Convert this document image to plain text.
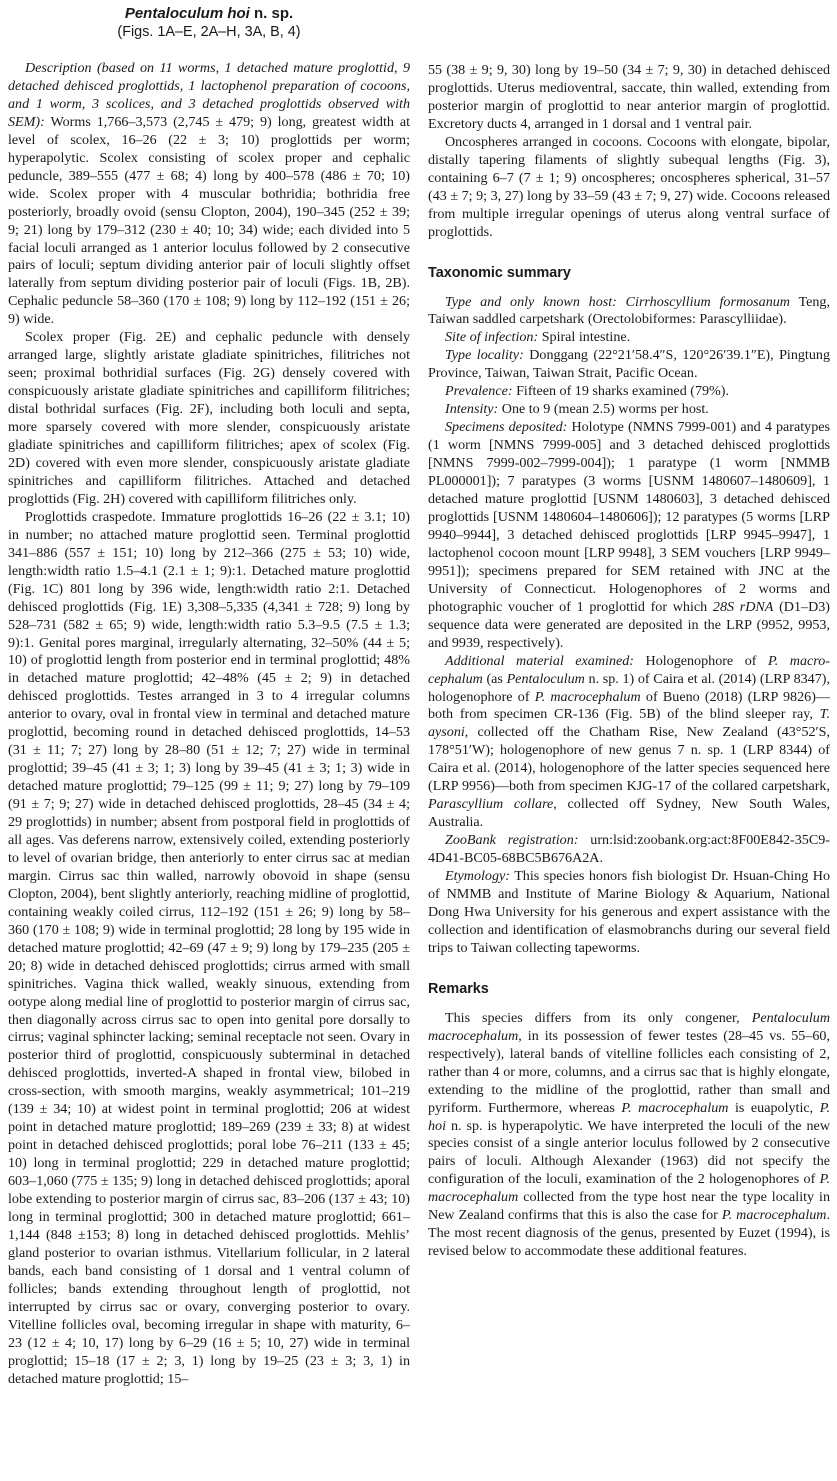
Pentaloculum hoi n. sp.
(Figs. 1A–E, 2A–H, 3A, B, 4)

Description (based on 11 worms, 1 detached mature proglottid, 9 detached dehisced proglottids, 1 lactophenol preparation of cocoons, and 1 worm, 3 scolices, and 3 detached proglottids observed with SEM): Worms 1,766–3,573 (2,745 ± 479; 9) long, greatest width at level of scolex, 16–26 (22 ± 3; 10) proglottids per worm; hyperapolytic. Scolex consisting of scolex proper and cephalic peduncle, 389–555 (477 ± 68; 4) long by 400–578 (486 ± 70; 10) wide. Scolex proper with 4 muscular bothridia; bothridia free posteriorly, broadly ovoid (sensu Clopton, 2004), 190–345 (252 ± 39; 9; 21) long by 179–312 (230 ± 40; 10; 34) wide; each divided into 5 facial loculi arranged as 1 anterior loculus followed by 2 consecutive pairs of loculi; septum dividing anterior pair of loculi slightly offset laterally from septum dividing posterior pair of loculi (Figs. 1B, 2B). Cephalic peduncle 58–360 (170 ± 108; 9) long by 112–192 (151 ± 26; 9) wide.

Scolex proper (Fig. 2E) and cephalic peduncle with densely arranged large, slightly aristate gladiate spinitriches, filitriches not seen; proximal bothridial surfaces (Fig. 2G) densely covered with conspicuously aristate gladiate spinitriches and capilliform filitriches; distal bothridal surfaces (Fig. 2F), including both loculi and septa, more sparsely covered with more slender, conspicuously aristate gladiate spinitriches and capilliform filitriches; apex of scolex (Fig. 2D) covered with even more slender, conspicuously aristate gladiate spinitriches and capilliform filitriches. Attached and detached proglottids (Fig. 2H) covered with capilliform filitriches only.

Proglottids craspedote. Immature proglottids 16–26 (22 ± 3.1; 10) in number; no attached mature proglottid seen. Terminal proglottid 341–886 (557 ± 151; 10) long by 212–366 (275 ± 53; 10) wide, length:width ratio 1.5–4.1 (2.1 ± 1; 9):1. Detached mature proglottid (Fig. 1C) 801 long by 396 wide, length:width ratio 2:1. Detached dehisced proglottids (Fig. 1E) 3,308–5,335 (4,341 ± 728; 9) long by 528–731 (582 ± 65; 9) wide, length:width ratio 5.3–9.5 (7.5 ± 1.3; 9):1. Genital pores marginal, irregularly alternating, 32–50% (44 ± 5; 10) of proglottid length from posterior end in terminal proglottid; 48% in detached mature proglottid; 42–48% (45 ± 2; 9) in detached dehisced proglottids. Testes arranged in 3 to 4 irregular columns anterior to ovary, oval in frontal view in terminal and detached mature proglottid, becoming round in detached dehisced proglottids, 14–53 (31 ± 11; 7; 27) long by 28–80 (51 ± 12; 7; 27) wide in terminal proglottid; 39–45 (41 ± 3; 1; 3) long by 39–45 (41 ± 3; 1; 3) wide in detached mature proglottid; 79–125 (99 ± 11; 9; 27) long by 79–109 (91 ± 7; 9; 27) wide in detached dehisced proglottids, 28–45 (34 ± 4; 29 proglottids) in number; absent from postporal field in proglottids of all ages. Vas deferens narrow, extensively coiled, extending posteriorly to level of ovarian bridge, then anteriorly to enter cirrus sac at median margin. Cirrus sac thin walled, narrowly obovoid in shape (sensu Clopton, 2004), bent slightly anteriorly, reaching midline of proglottid, containing weakly coiled cirrus, 112–192 (151 ± 26; 9) long by 58–360 (170 ± 108; 9) wide in terminal proglottid; 28 long by 195 wide in detached mature proglottid; 42–69 (47 ± 9; 9) long by 179–235 (205 ± 20; 8) wide in detached dehisced proglottids; cirrus armed with small spinitriches. Vagina thick walled, weakly sinuous, extending from ootype along medial line of proglottid to posterior margin of cirrus sac, then diagonally across cirrus sac to open into genital pore dorsally to cirrus; vaginal sphincter lacking; seminal receptacle not seen. Ovary in posterior third of proglottid, conspicuously subterminal in detached dehisced proglottids, inverted-A shaped in frontal view, bilobed in cross-section, with smooth margins, weakly asymmetrical; 101–219 (139 ± 34; 10) at widest point in terminal proglottid; 206 at widest point in detached mature proglottid; 189–269 (239 ± 33; 8) at widest point in detached dehisced proglottids; poral lobe 76–211 (133 ± 45; 10) long in terminal proglottid; 229 in detached mature proglottid; 603–1,060 (775 ± 135; 9) long in detached dehisced proglottids; aporal lobe extending to posterior margin of cirrus sac, 83–206 (137 ± 43; 10) long in terminal proglottid; 300 in detached mature proglottid; 661–1,144 (848 ±153; 8) long in detached dehisced proglottids. Mehlis’ gland posterior to ovarian isthmus. Vitellarium follicular, in 2 lateral bands, each band consisting of 1 dorsal and 1 ventral column of follicles; bands extending throughout length of proglottid, not interrupted by cirrus sac or ovary, converging posterior to ovary. Vitelline follicles oval, becoming irregular in shape with maturity, 6–23 (12 ± 4; 10, 17) long by 6–29 (16 ± 5; 10, 27) wide in terminal proglottid; 15–18 (17 ± 2; 3, 1) long by 19–25 (23 ± 3; 3, 1) in detached mature proglottid; 15–

55 (38 ± 9; 9, 30) long by 19–50 (34 ± 7; 9, 30) in detached dehisced proglottids. Uterus medioventral, saccate, thin walled, extending from posterior margin of proglottid to near anterior margin of proglottid. Excretory ducts 4, arranged in 1 dorsal and 1 ventral pair.

Oncospheres arranged in cocoons. Cocoons with elongate, bipolar, distally tapering filaments of slightly subequal lengths (Fig. 3), containing 6–7 (7 ± 1; 9) oncospheres; oncospheres spherical, 31–57 (43 ± 7; 9; 3, 27) long by 33–59 (43 ± 7; 9, 27) wide. Cocoons released from multiple irregular openings of uterus along ventral surface of proglottids.

Taxonomic summary

Type and only known host: Cirrhoscyllium formosanum Teng, Taiwan saddled carpetshark (Orectolobiformes: Parascylliidae).

Site of infection: Spiral intestine.

Type locality: Donggang (22°21′58.4″S, 120°26′39.1″E), Pingtung Province, Taiwan, Taiwan Strait, Pacific Ocean.

Prevalence: Fifteen of 19 sharks examined (79%).

Intensity: One to 9 (mean 2.5) worms per host.

Specimens deposited: Holotype (NMNS 7999-001) and 4 paratypes (1 worm [NMNS 7999-005] and 3 detached dehisced proglottids [NMNS 7999-002–7999-004]); 1 paratype (1 worm [NMMB PL000001]); 7 paratypes (3 worms [USNM 1480607–1480609], 1 detached mature proglottid [USNM 1480603], 3 detached dehisced proglottids [USNM 1480604–1480606]); 12 paratypes (5 worms [LRP 9940–9944], 3 detached dehisced proglottids [LRP 9945–9947], 1 lactophenol cocoon mount [LRP 9948], 3 SEM vouchers [LRP 9949–9951]); specimens prepared for SEM retained with JNC at the University of Connecticut. Hologenophores of 2 worms and photographic voucher of 1 proglottid for which 28S rDNA (D1–D3) sequence data were generated are deposited in the LRP (9952, 9953, and 9939, respectively).

Additional material examined: Hologenophore of P. macrocephalum (as Pentaloculum n. sp. 1) of Caira et al. (2014) (LRP 8347), hologenophore of P. macrocephalum of Bueno (2018) (LRP 9826)—both from specimen CR-136 (Fig. 5B) of the blind sleeper ray, T. aysoni, collected off the Chatham Rise, New Zealand (43°52′S, 178°51′W); hologenophore of new genus 7 n. sp. 1 (LRP 8344) of Caira et al. (2014), hologenophore of the latter species sequenced here (LRP 9956)—both from specimen KJG-17 of the collared carpetshark, Parascyllium collare, collected off Sydney, New South Wales, Australia.

ZooBank registration: urn:lsid:zoobank.org:act:8F00E842-35C9-4D41-BC05-68BC5B676A2A.

Etymology: This species honors fish biologist Dr. Hsuan-Ching Ho of NMMB and Institute of Marine Biology & Aquarium, National Dong Hwa University for his generous and expert assistance with the collection and identification of elasmobranchs during our several field trips to Taiwan collecting tapeworms.

Remarks

This species differs from its only congener, Pentaloculum macrocephalum, in its possession of fewer testes (28–45 vs. 55–60, respectively), lateral bands of vitelline follicles each consisting of 2, rather than 4 or more, columns, and a cirrus sac that is highly elongate, extending to the midline of the proglottid, rather than small and pyriform. Furthermore, whereas P. macrocephalum is euapolytic, P. hoi n. sp. is hyperapolytic. We have interpreted the loculi of the new species consist of a single anterior loculus followed by 2 consecutive pairs of loculi. Although Alexander (1963) did not specify the configuration of the loculi, examination of the 2 hologenophores of P. macrocephalum collected from the type host near the type locality in New Zealand confirms that this is also the case for P. macrocephalum. The most recent diagnosis of the genus, presented by Euzet (1994), is revised below to accommodate these additional features.
